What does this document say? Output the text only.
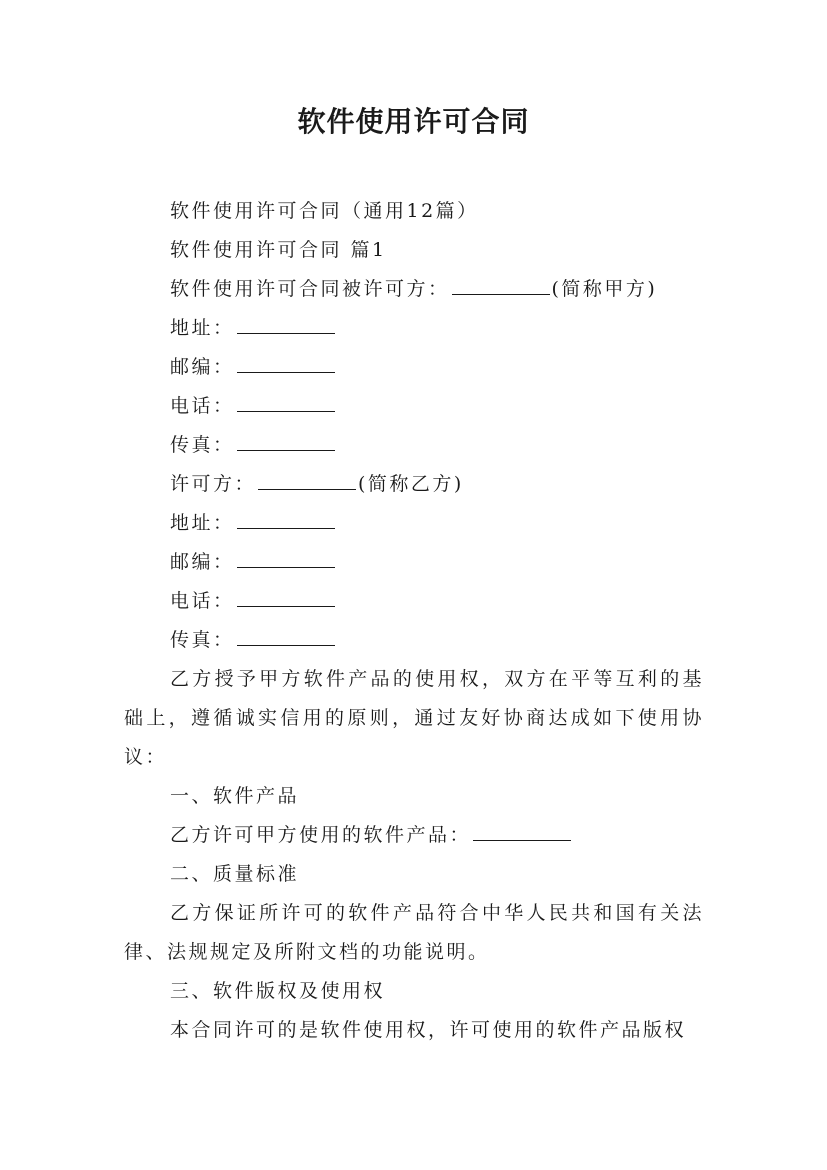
软件使用许可合同

软件使用许可合同（通用12篇）

软件使用许可合同 篇1

软件使用许可合同被许可方：	(简称甲方)

地址：

邮编：

电话：

传真：

许可方：	(简称乙方)

地址：

邮编：

电话：

传真：

乙方授予甲方软件产品的使用权，双方在平等互利的基础上，遵循诚实信用的原则，通过友好协商达成如下使用协议：

一、软件产品

乙方许可甲方使用的软件产品：

二、质量标准

乙方保证所许可的软件产品符合中华人民共和国有关法律、法规规定及所附文档的功能说明。

三、软件版权及使用权

本合同许可的是软件使用权，许可使用的软件产品版权
